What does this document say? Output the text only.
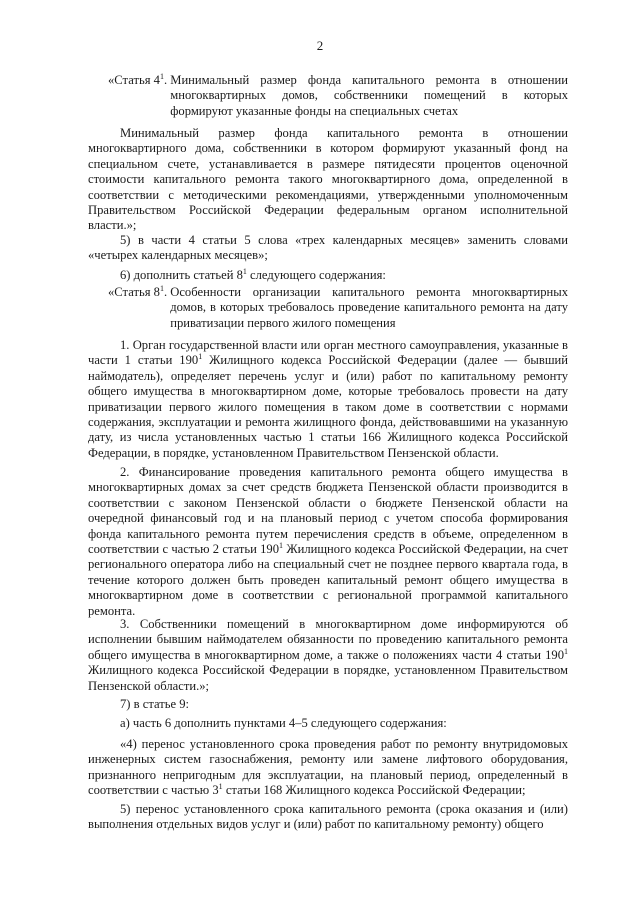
2
«Статья $4^1$. Минимальный размер фонда капитального ремонта в отношении многоквартирных домов, собственники помещений в которых формируют указанные фонды на специальных счетах
Минимальный размер фонда капитального ремонта в отношении многоквартирного дома, собственники в котором формируют указанный фонд на специальном счете, устанавливается в размере пятидесяти процентов оценочной стоимости капитального ремонта такого многоквартирного дома, определенной в соответствии с методическими рекомендациями, утвержденными уполномоченным Правительством Российской Федерации федеральным органом исполнительной власти.»;
5) в части 4 статьи 5 слова «трех календарных месяцев» заменить словами «четырех календарных месяцев»;
6) дополнить статьей $8^1$ следующего содержания:
«Статья $8^1$. Особенности организации капитального ремонта многоквартирных домов, в которых требовалось проведение капитального ремонта на дату приватизации первого жилого помещения
1. Орган государственной власти или орган местного самоуправления, указанные в части 1 статьи $190^1$ Жилищного кодекса Российской Федерации (далее — бывший наймодатель), определяет перечень услуг и (или) работ по капитальному ремонту общего имущества в многоквартирном доме, которые требовалось провести на дату приватизации первого жилого помещения в таком доме в соответствии с нормами содержания, эксплуатации и ремонта жилищного фонда, действовавшими на указанную дату, из числа установленных частью 1 статьи 166 Жилищного кодекса Российской Федерации, в порядке, установленном Правительством Пензенской области.
2. Финансирование проведения капитального ремонта общего имущества в многоквартирных домах за счет средств бюджета Пензенской области производится в соответствии с законом Пензенской области о бюджете Пензенской области на очередной финансовый год и на плановый период с учетом способа формирования фонда капитального ремонта путем перечисления средств в объеме, определенном в соответствии с частью 2 статьи $190^1$ Жилищного кодекса Российской Федерации, на счет регионального оператора либо на специальный счет не позднее первого квартала года, в течение которого должен быть проведен капитальный ремонт общего имущества в многоквартирном доме в соответствии с региональной программой капитального ремонта.
3. Собственники помещений в многоквартирном доме информируются об исполнении бывшим наймодателем обязанности по проведению капитального ремонта общего имущества в многоквартирном доме, а также о положениях части 4 статьи $190^1$ Жилищного кодекса Российской Федерации в порядке, установленном Правительством Пензенской области.»;
7) в статье 9:
а) часть 6 дополнить пунктами 4–5 следующего содержания:
«4) перенос установленного срока проведения работ по ремонту внутридомовых инженерных систем газоснабжения, ремонту или замене лифтового оборудования, признанного непригодным для эксплуатации, на плановый период, определенный в соответствии с частью $3^1$ статьи 168 Жилищного кодекса Российской Федерации;
5) перенос установленного срока капитального ремонта (срока оказания и (или) выполнения отдельных видов услуг и (или) работ по капитальному ремонту) общего
